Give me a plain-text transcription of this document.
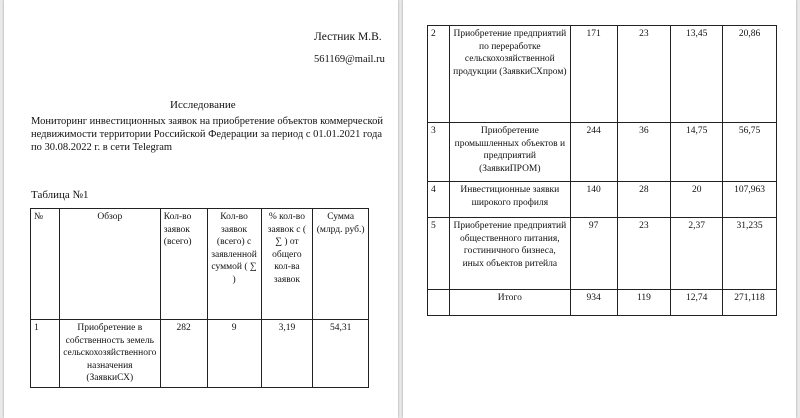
Лестник М.В.
561169@mail.ru
Исследование
Мониторинг инвестиционных заявок на приобретение объектов коммерческой недвижимости территории Российской Федерации за период с 01.01.2021 года по 30.08.2022 г. в сети Telegram
Таблица №1
№	Обзор	Кол-во заявок (всего)	Кол-во заявок (всего) с заявленной суммой ( ∑ )	% кол-во заявок с ( ∑ ) от общего кол-ва заявок	Сумма (млрд. руб.)
1	Приобретение в собственность земель сельскохозяйственного назначения (ЗаявкиСХ)	282	9	3,19	54,31
2	Приобретение предприятий по переработке сельскохозяйственной продукции (ЗаявкиСХпром)	171	23	13,45	20,86
3	Приобретение промышленных объектов и предприятий (ЗаявкиПРОМ)	244	36	14,75	56,75
4	Инвестиционные заявки широкого профиля	140	28	20	107,963
5	Приобретение предприятий общественного питания, гостиничного бизнеса, иных объектов ритейла	97	23	2,37	31,235
	Итого	934	119	12,74	271,118
